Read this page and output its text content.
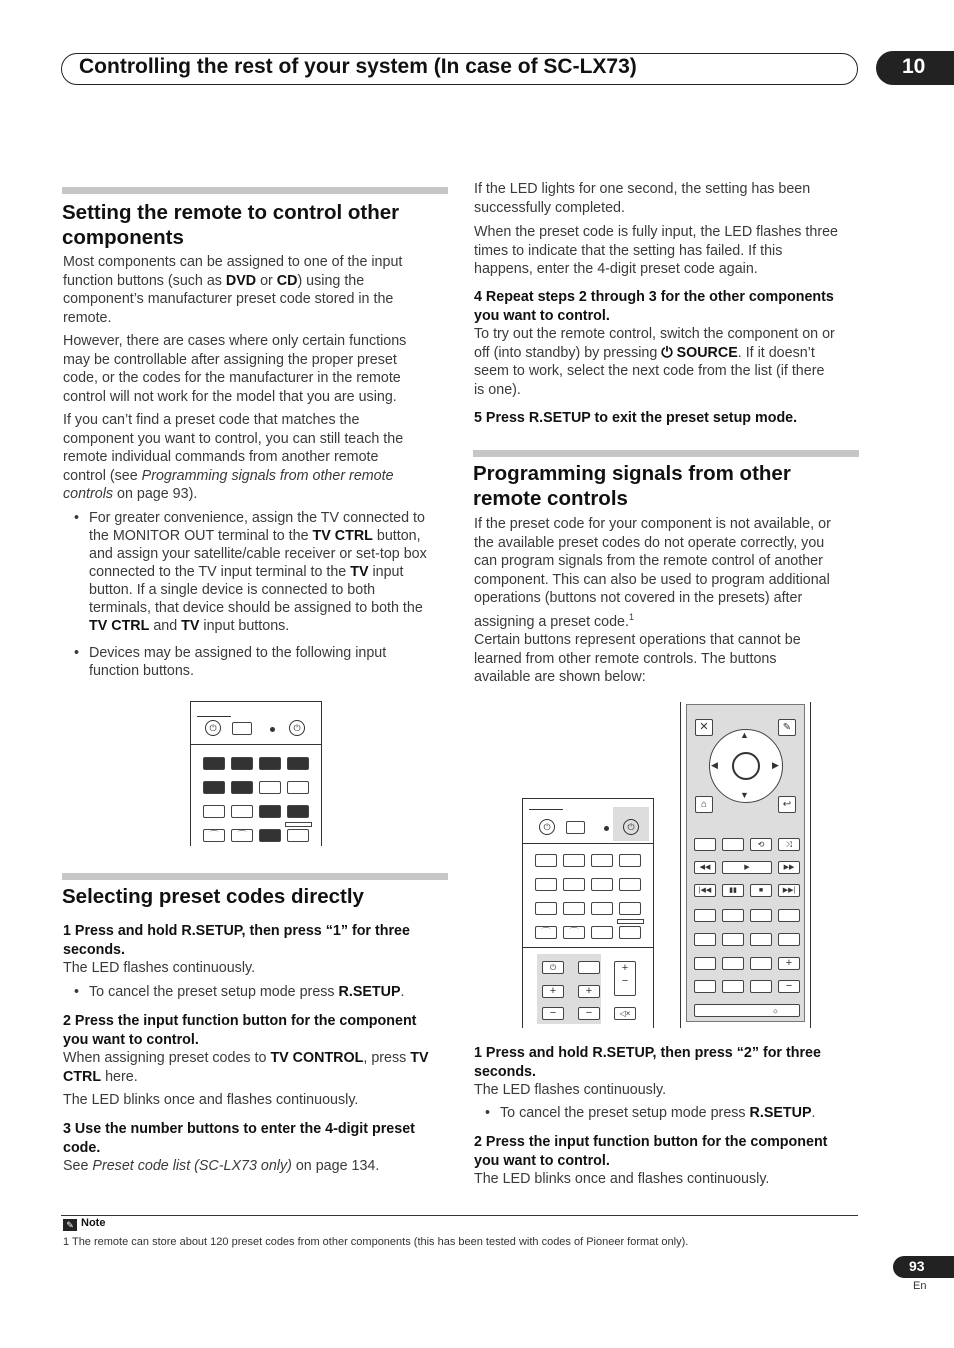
Controlling the rest of your system (In case of SC-LX73)	10
Setting the remote to control other
components
Most components can be assigned to one of the input
function buttons (such as DVD or CD) using the
component’s manufacturer preset code stored in the
remote.
However, there are cases where only certain functions
may be controllable after assigning the proper preset
code, or the codes for the manufacturer in the remote
control will not work for the model that you are using.
If you can’t find a preset code that matches the
component you want to control, you can still teach the
remote individual commands from another remote
control (see Programming signals from other remote
controls on page 93).
• For greater convenience, assign the TV connected to
the MONITOR OUT terminal to the TV CTRL button,
and assign your satellite/cable receiver or set-top box
connected to the TV input terminal to the TV input
button. If a single device is connected to both
terminals, that device should be assigned to both the
TV CTRL and TV input buttons.
• Devices may be assigned to the following input
function buttons.
⏻	⏻
⌒	⌒
Selecting preset codes directly
1 Press and hold R.SETUP, then press “1” for three
seconds.
The LED flashes continuously.
• To cancel the preset setup mode press R.SETUP.
2 Press the input function button for the component
you want to control.
When assigning preset codes to TV CONTROL, press TV
CTRL here.
The LED blinks once and flashes continuously.
3 Use the number buttons to enter the 4-digit preset
code.
See Preset code list (SC-LX73 only) on page 134.
If the LED lights for one second, the setting has been
successfully completed.
When the preset code is fully input, the LED flashes three
times to indicate that the setting has failed. If this
happens, enter the 4-digit preset code again.
4 Repeat steps 2 through 3 for the other components
you want to control.
To try out the remote control, switch the component on or
off (into standby) by pressing ⏻ SOURCE. If it doesn’t
seem to work, select the next code from the list (if there
is one).
5 Press R.SETUP to exit the preset setup mode.
Programming signals from other
remote controls
If the preset code for your component is not available, or
the available preset codes do not operate correctly, you
can program signals from the remote control of another
component. This can also be used to program additional
operations (buttons not covered in the presets) after
assigning a preset code.$^1$
Certain buttons represent operations that cannot be
learned from other remote controls. The buttons
available are shown below:
⏻	⏻
⌒	⌒
⏻	+
−
+	+
−	−	◁×
✕	✎
▲
▼
◀	▶
⌂	↩
⟲	⤨
◀◀	▶	▶▶
|◀◀	▮▮	■	▶▶|
+
−
☼
1 Press and hold R.SETUP, then press “2” for three
seconds.
The LED flashes continuously.
• To cancel the preset setup mode press R.SETUP.
2 Press the input function button for the component
you want to control.
The LED blinks once and flashes continuously.
✎ Note
1 The remote can store about 120 preset codes from other components (this has been tested with codes of Pioneer format only).
93
En
